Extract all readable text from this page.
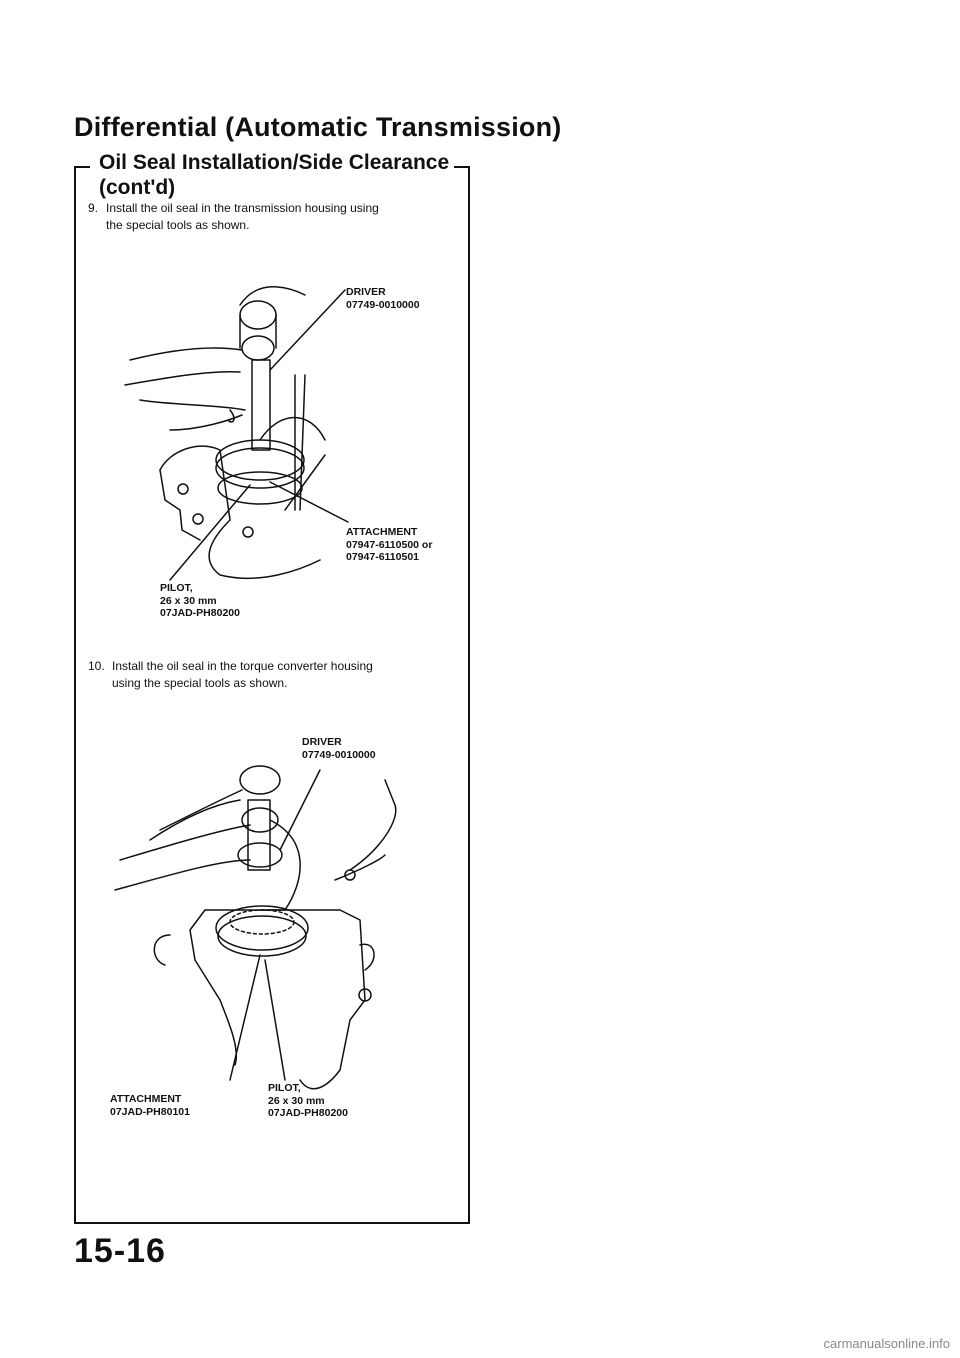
Differential (Automatic Transmission)
Oil Seal Installation/Side Clearance
(cont'd)
9. Install the oil seal in the transmission housing using
the special tools as shown.
DRIVER
07749-0010000
ATTACHMENT
07947-6110500 or
07947-6110501
PILOT,
26 x 30 mm
07JAD-PH80200
10. Install the oil seal in the torque converter housing
using the special tools as shown.
DRIVER
07749-0010000
ATTACHMENT
07JAD-PH80101
PILOT,
26 x 30 mm
07JAD-PH80200
15-16
carmanualsonline.info
